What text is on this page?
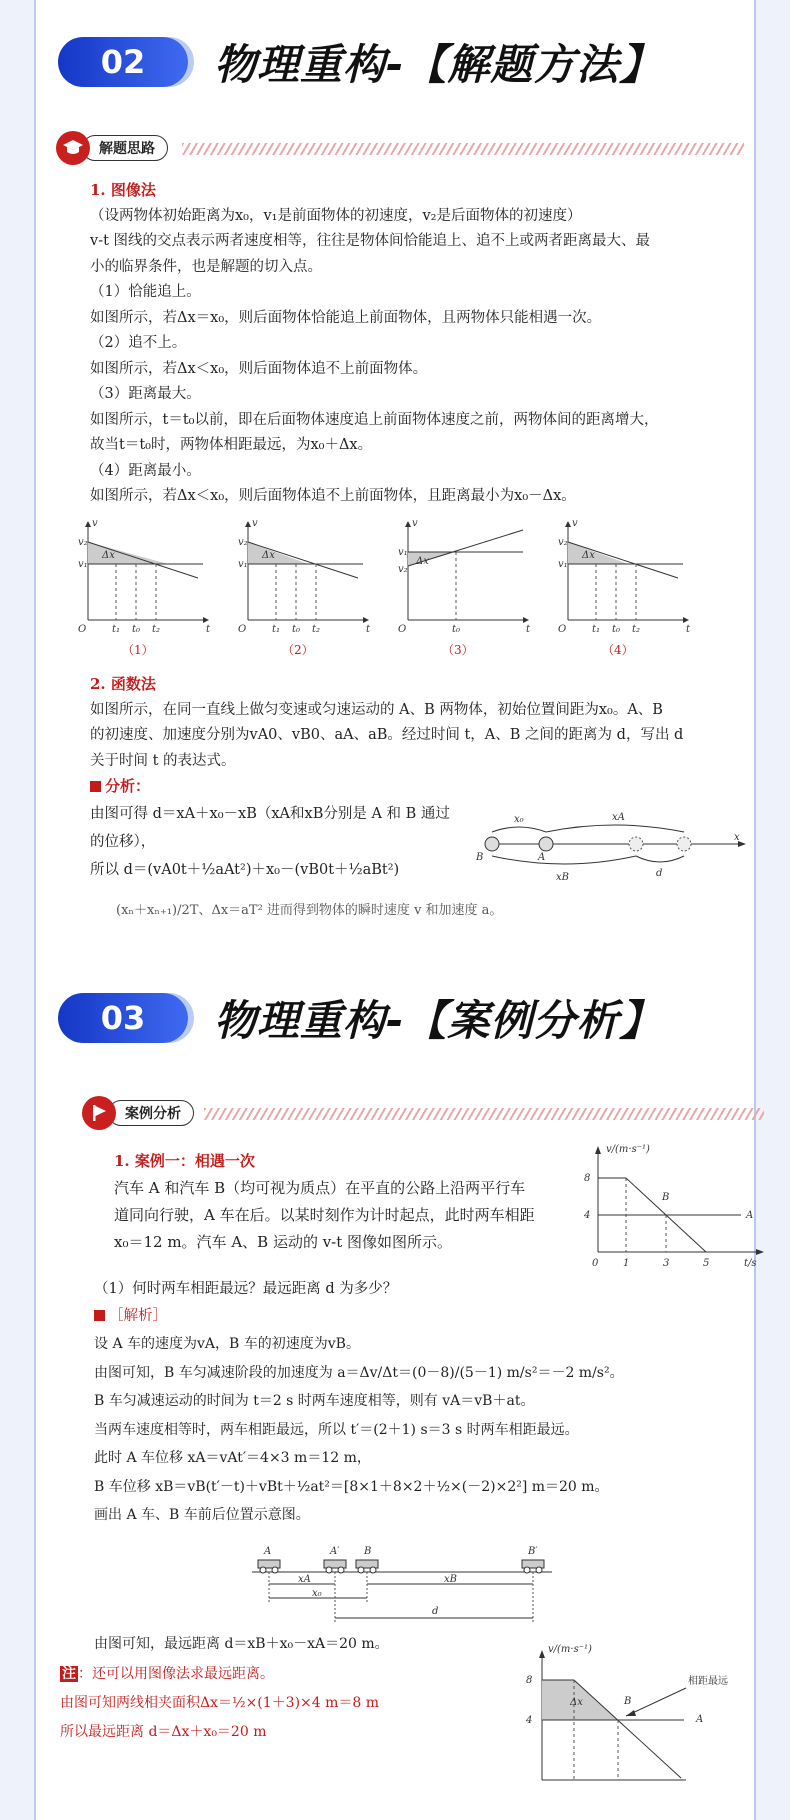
02	物理重构-【解题方法】
解题思路

1. 图像法

（设两物体初始距离为x₀，v₁是前面物体的初速度，v₂是后面物体的初速度）

v-t 图线的交点表示两者速度相等，往往是物体间恰能追上、追不上或两者距离最大、最

小的临界条件，也是解题的切入点。

（1）恰能追上。

如图所示，若Δx＝x₀，则后面物体恰能追上前面物体，且两物体只能相遇一次。

（2）追不上。

如图所示，若Δx＜x₀，则后面物体追不上前面物体。

（3）距离最大。

如图所示，t＝t₀以前，即在后面物体速度追上前面物体速度之前，两物体间的距离增大，

故当t＝t₀时，两物体相距最远，为x₀＋Δx。

（4）距离最小。

如图所示，若Δx＜x₀，则后面物体追不上前面物体，且距离最小为x₀－Δx。

Δx
O	t
v
v₂
v₁
t₁ t₀ t₂
（1）
Δx
O	t
v
v₂
v₁
t₁ t₀ t₂
（2）
Δx
O	t
v
v₁
v₂
t₀
（3）
Δx
O	t
v
v₂
v₁
t₁ t₀ t₂
（4）

2. 函数法

如图所示，在同一直线上做匀变速或匀速运动的 A、B 两物体，初始位置间距为x₀。A、B

的初速度、加速度分别为vA0、vB0、aA、aB。经过时间 t，A、B 之间的距离为 d，写出 d

关于时间 t 的表达式。

分析：

由图可得 d＝xA＋x₀－xB（xA和xB分别是 A 和 B 通过

的位移），

所以 d＝(vA0t＋½aAt²)＋x₀－(vB0t＋½aBt²)

(xₙ＋xₙ₊₁)/2T、Δx＝aT² 进而得到物体的瞬时速度 v 和加速度 a。
x
B	A
x₀	xA
xB	d
03	物理重构-【案例分析】
案例分析

1. 案例一：相遇一次

汽车 A 和汽车 B（均可视为质点）在平直的公路上沿两平行车

道同向行驶，A 车在后。以某时刻作为计时起点，此时两车相距

x₀＝12 m。汽车 A、B 运动的 v-t 图像如图所示。

v/(m·s⁻¹)
t/s
8
4
0 1	3	5
A
B

（1）何时两车相距最远？最远距离 d 为多少？

［解析］

设 A 车的速度为vA，B 车的初速度为vB。

由图可知，B 车匀减速阶段的加速度为 a＝Δv/Δt＝(0－8)/(5－1) m/s²＝－2 m/s²。

B 车匀减速运动的时间为 t＝2 s 时两车速度相等，则有 vA＝vB＋at。

当两车速度相等时，两车相距最远，所以 t′＝(2＋1) s＝3 s 时两车相距最远。

此时 A 车位移 xA＝vAt′＝4×3 m＝12 m，

B 车位移 xB＝vB(t′－t)＋vBt＋½at²＝[8×1＋8×2＋½×(－2)×2²] m＝20 m。

画出 A 车、B 车前后位置示意图。

A	A′ B	B′
xA	xB
x₀
d
由图可知，最远距离 d＝xB＋x₀－xA＝20 m。

注 ：还可以用图像法求最远距离。

由图可知两线相夹面积Δx＝½×(1＋3)×4 m＝8 m

所以最远距离 d＝Δx＋x₀＝20 m

v/(m·s⁻¹)
8
4
Δx	B
A
相距最远
